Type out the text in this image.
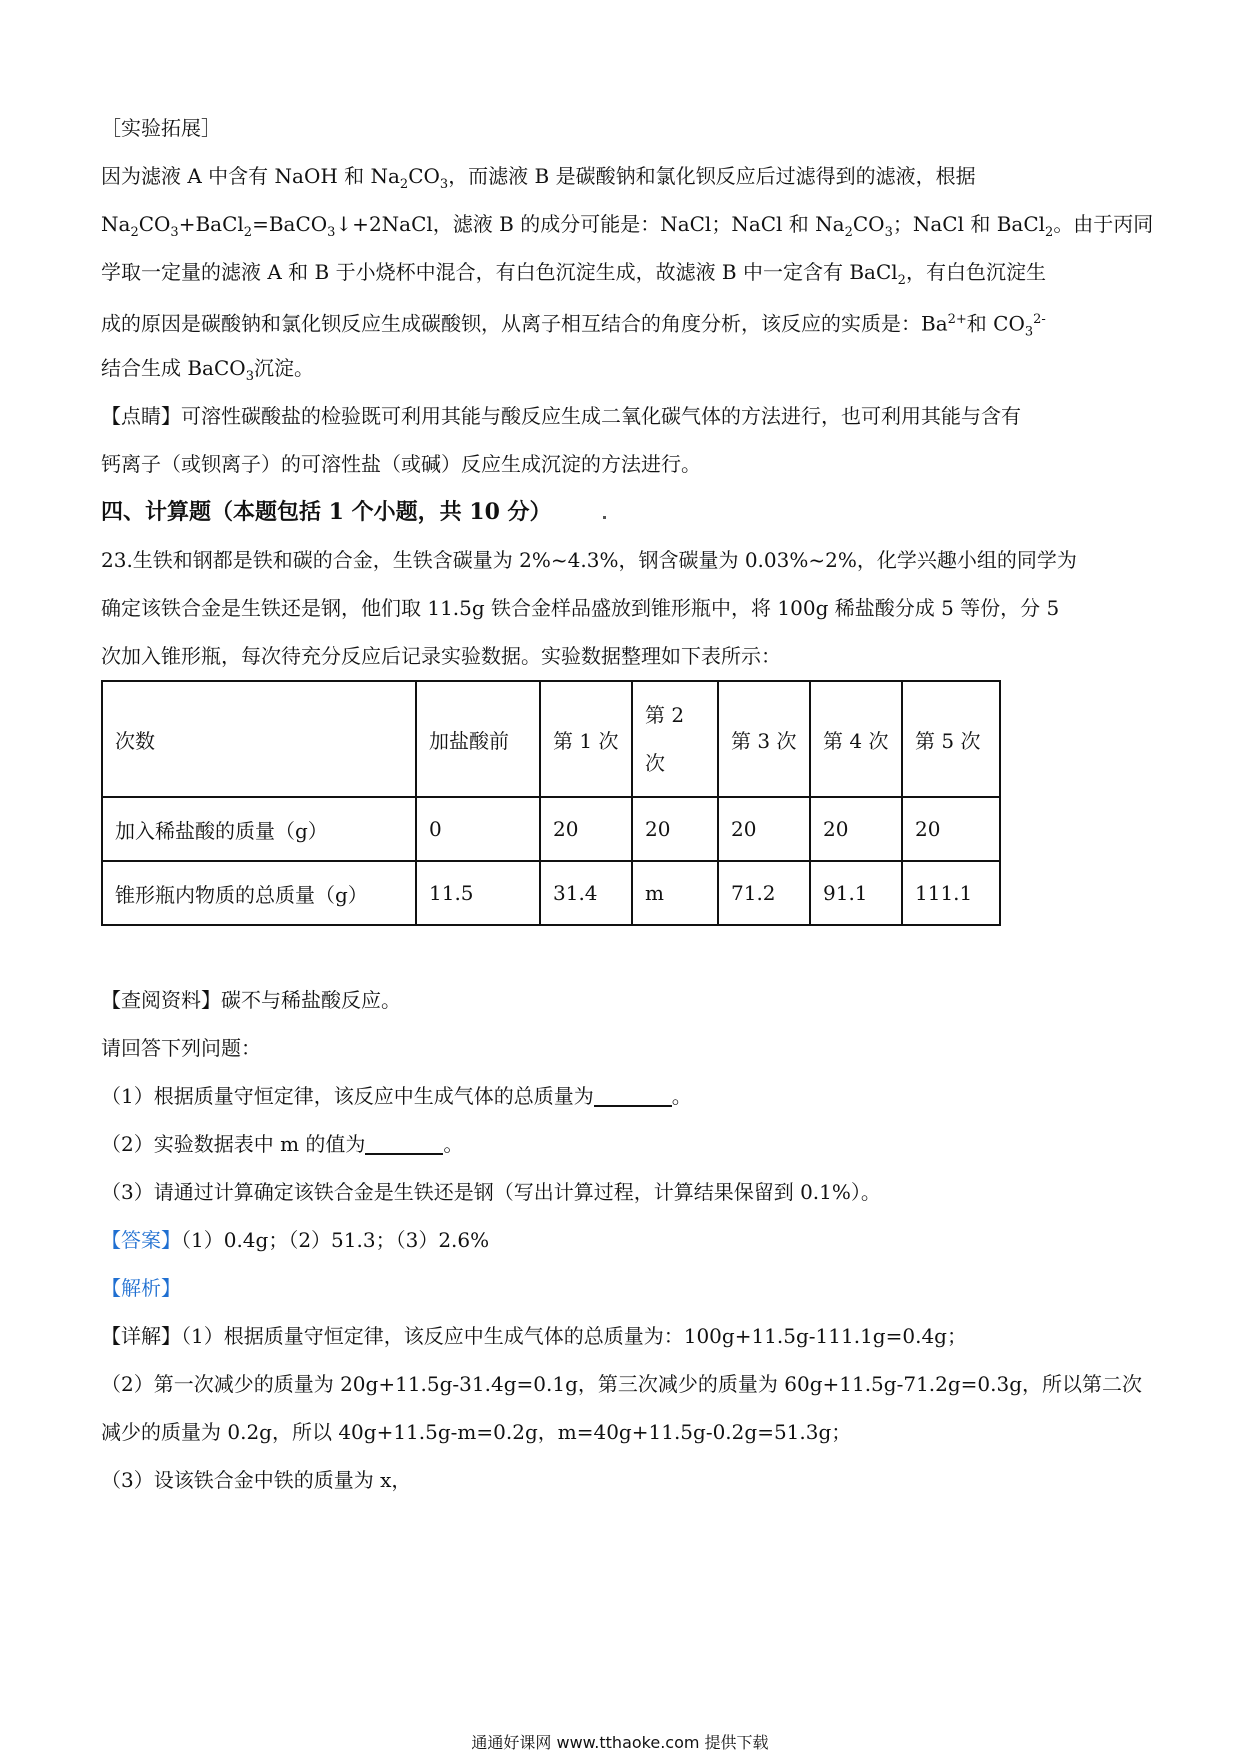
［实验拓展］
因为滤液 A 中含有 NaOH 和 $Na_2CO_3$，而滤液 B 是碳酸钠和氯化钡反应后过滤得到的滤液，根据
$Na_2CO_3+BaCl_2=BaCO_3↓+2NaCl$，滤液 B 的成分可能是：NaCl；NaCl 和 $Na_2CO_3$；NaCl 和 BaCl$_2$。由于丙同
学取一定量的滤液 A 和 B 于小烧杯中混合，有白色沉淀生成，故滤液 B 中一定含有 BaCl$_2$，有白色沉淀生
成的原因是碳酸钠和氯化钡反应生成碳酸钡，从离子相互结合的角度分析，该反应的实质是：$Ba^{2+}$和 $CO_3^{2-}$
结合生成 BaCO$_3$沉淀。
【点睛】可溶性碳酸盐的检验既可利用其能与酸反应生成二氧化碳气体的方法进行，也可利用其能与含有
钙离子（或钡离子）的可溶性盐（或碱）反应生成沉淀的方法进行。
四、计算题（本题包括 1 个小题，共 10 分）
23.生铁和钢都是铁和碳的合金，生铁含碳量为 2%~4.3%，钢含碳量为 0.03%~2%，化学兴趣小组的同学为
确定该铁合金是生铁还是钢，他们取 11.5g 铁合金样品盛放到锥形瓶中，将 100g 稀盐酸分成 5 等份，分 5
次加入锥形瓶，每次待充分反应后记录实验数据。实验数据整理如下表所示：
次数	加盐酸前	第 1 次	第 2 次	第 3 次	第 4 次	第 5 次
加入稀盐酸的质量（g）	0	20	20	20	20	20
锥形瓶内物质的总质量（g）	11.5	31.4	m	71.2	91.1	111.1
【查阅资料】碳不与稀盐酸反应。
请回答下列问题：
（1）根据质量守恒定律，该反应中生成气体的总质量为	。
（2）实验数据表中 m 的值为	。
（3）请通过计算确定该铁合金是生铁还是钢（写出计算过程，计算结果保留到 0.1%）。
【答案】（1）0.4g；（2）51.3；（3）2.6%
【解析】
【详解】（1）根据质量守恒定律，该反应中生成气体的总质量为：100g+11.5g-111.1g=0.4g；
（2）第一次减少的质量为 20g+11.5g-31.4g=0.1g，第三次减少的质量为 60g+11.5g-71.2g=0.3g，所以第二次
减少的质量为 0.2g，所以 40g+11.5g-m=0.2g，m=40g+11.5g-0.2g=51.3g；
（3）设该铁合金中铁的质量为 x，
通通好课网 www.tthaoke.com 提供下载
